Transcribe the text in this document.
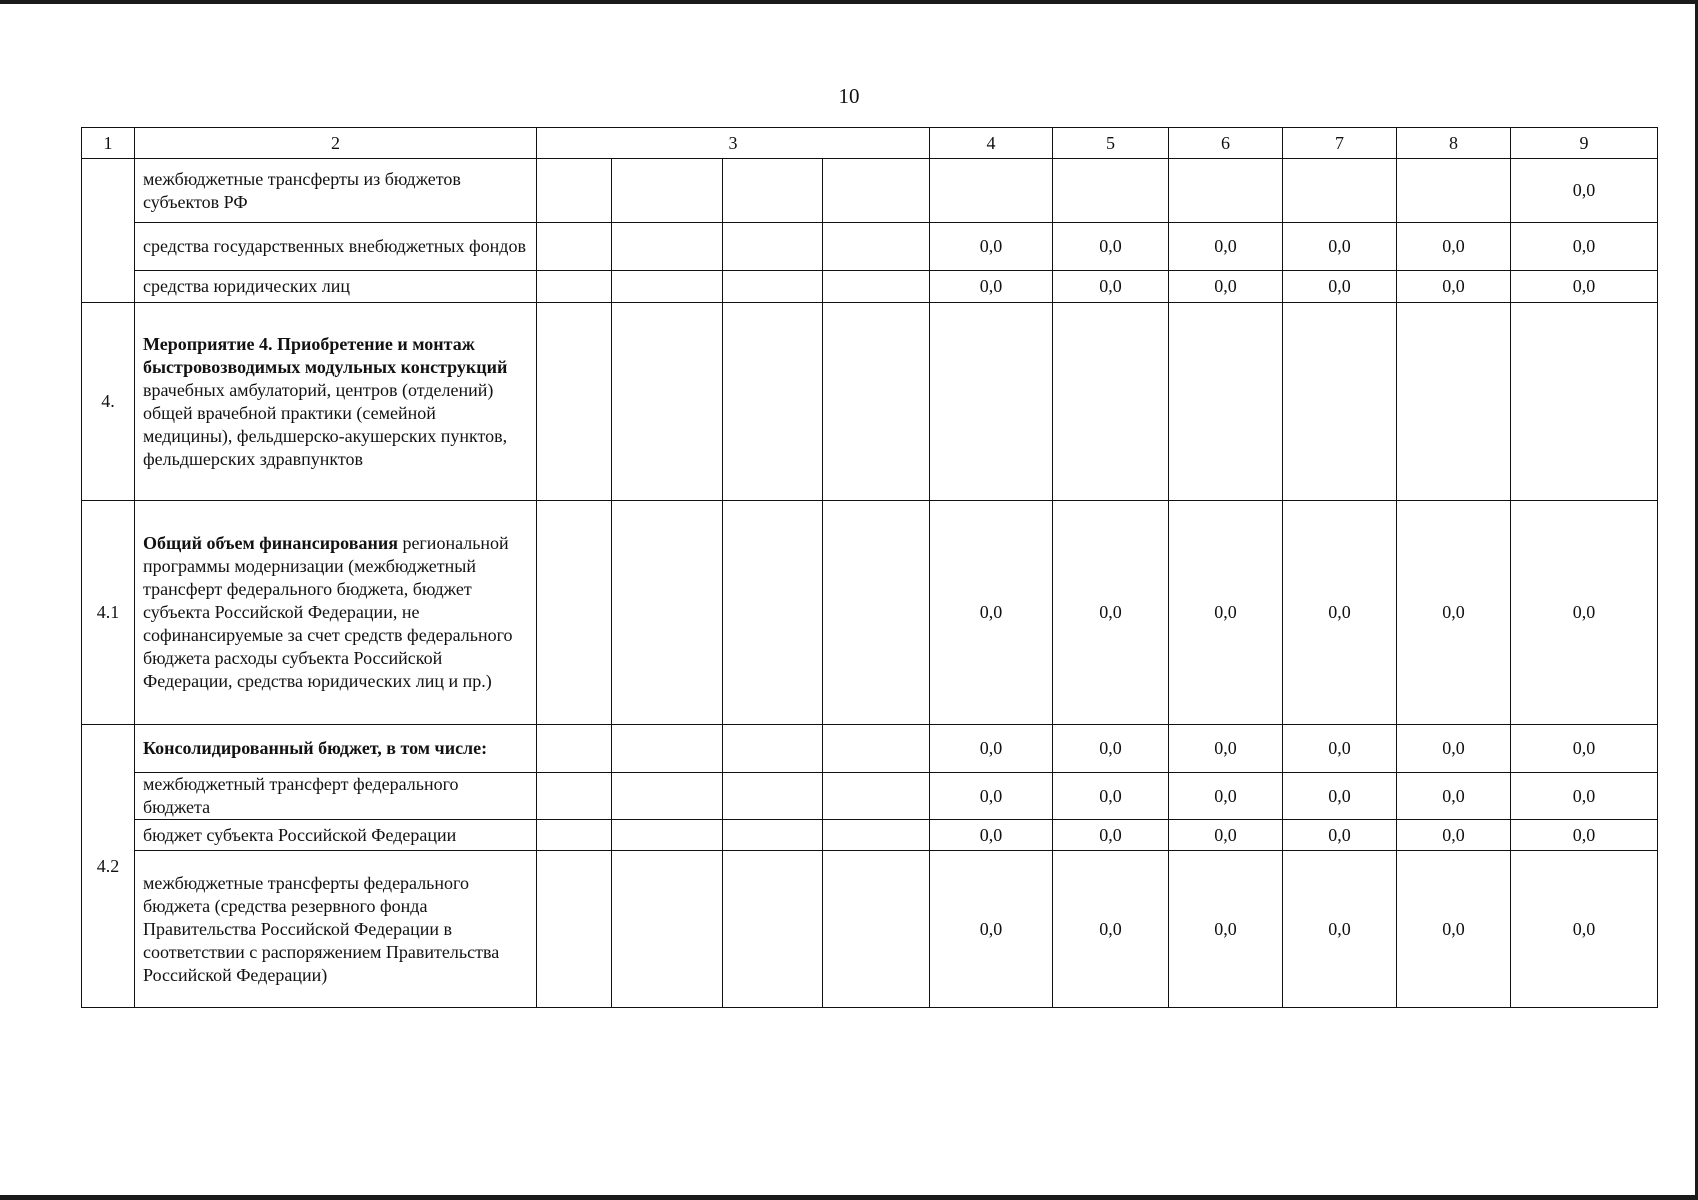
10
1	2	3				4	5	6	7	8	9
	межбюджетные трансферты из бюджетов субъектов РФ										0,0
	средства государственных внебюджетных фондов					0,0	0,0	0,0	0,0	0,0	0,0
	средства юридических лиц					0,0	0,0	0,0	0,0	0,0	0,0
4.	Мероприятие 4. Приобретение и монтаж быстровозводимых модульных конструкций врачебных амбулаторий, центров (отделений) общей врачебной практики (семейной медицины), фельдшерско-акушерских пунктов, фельдшерских здравпунктов										
4.1	Общий объем финансирования региональной программы модернизации (межбюджетный трансферт федерального бюджета, бюджет субъекта Российской Федерации, не софинансируемые за счет средств федерального бюджета расходы субъекта Российской Федерации, средства юридических лиц и пр.)					0,0	0,0	0,0	0,0	0,0	0,0
4.2	Консолидированный бюджет, в том числе:					0,0	0,0	0,0	0,0	0,0	0,0
	межбюджетный трансферт федерального бюджета					0,0	0,0	0,0	0,0	0,0	0,0
	бюджет субъекта Российской Федерации					0,0	0,0	0,0	0,0	0,0	0,0
	межбюджетные трансферты федерального бюджета (средства резервного фонда Правительства Российской Федерации в соответствии с распоряжением Правительства Российской Федерации)					0,0	0,0	0,0	0,0	0,0	0,0
